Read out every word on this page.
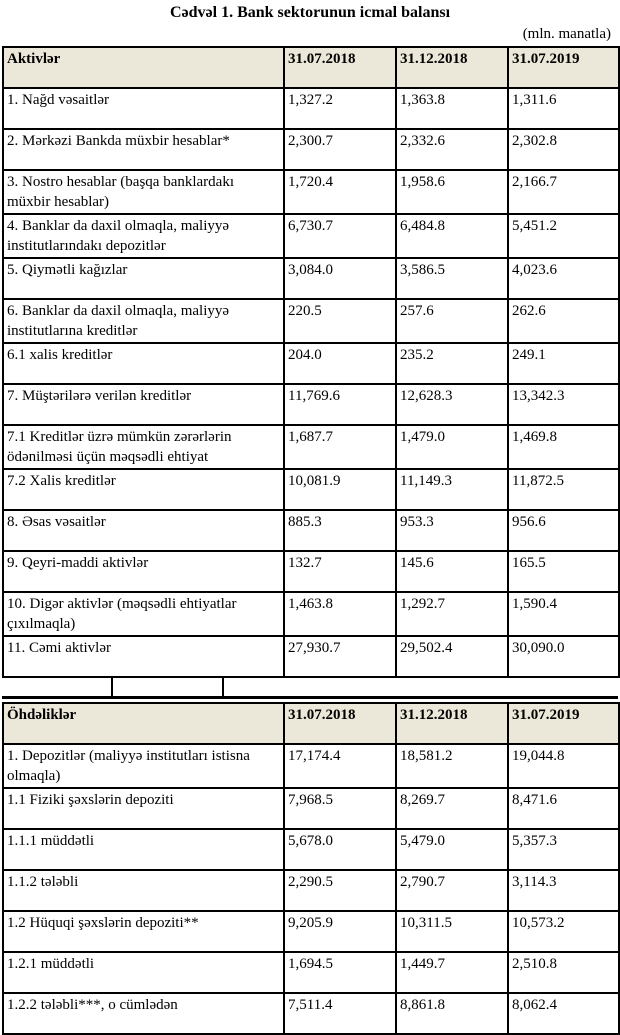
Cədvəl 1. Bank sektorunun icmal balansı
(mln. manatla)
Aktivlər	31.07.2018	31.12.2018	31.07.2019
1. Nağd vəsaitlər	1,327.2	1,363.8	1,311.6
2. Mərkəzi Bankda müxbir hesablar*	2,300.7	2,332.6	2,302.8
3. Nostro hesablar (başqa banklardakı müxbir hesablar)	1,720.4	1,958.6	2,166.7
4. Banklar da daxil olmaqla, maliyyə institutlarındakı depozitlər	6,730.7	6,484.8	5,451.2
5. Qiymətli kağızlar	3,084.0	3,586.5	4,023.6
6. Banklar da daxil olmaqla, maliyyə institutlarına kreditlər	220.5	257.6	262.6
6.1 xalis kreditlər	204.0	235.2	249.1
7. Müştərilərə verilən kreditlər	11,769.6	12,628.3	13,342.3
7.1 Kreditlər üzrə mümkün zərərlərin ödənilməsi üçün məqsədli ehtiyat	1,687.7	1,479.0	1,469.8
7.2 Xalis kreditlər	10,081.9	11,149.3	11,872.5
8. Əsas vəsaitlər	885.3	953.3	956.6
9. Qeyri-maddi aktivlər	132.7	145.6	165.5
10. Digər aktivlər (məqsədli ehtiyatlar çıxılmaqla)	1,463.8	1,292.7	1,590.4
11. Cəmi aktivlər	27,930.7	29,502.4	30,090.0
Öhdəliklər	31.07.2018	31.12.2018	31.07.2019
1. Depozitlər (maliyyə institutları istisna olmaqla)	17,174.4	18,581.2	19,044.8
1.1 Fiziki şəxslərin depoziti	7,968.5	8,269.7	8,471.6
1.1.1 müddətli	5,678.0	5,479.0	5,357.3
1.1.2 tələbli	2,290.5	2,790.7	3,114.3
1.2 Hüquqi şəxslərin depoziti**	9,205.9	10,311.5	10,573.2
1.2.1 müddətli	1,694.5	1,449.7	2,510.8
1.2.2 tələbli***, o cümlədən	7,511.4	8,861.8	8,062.4
